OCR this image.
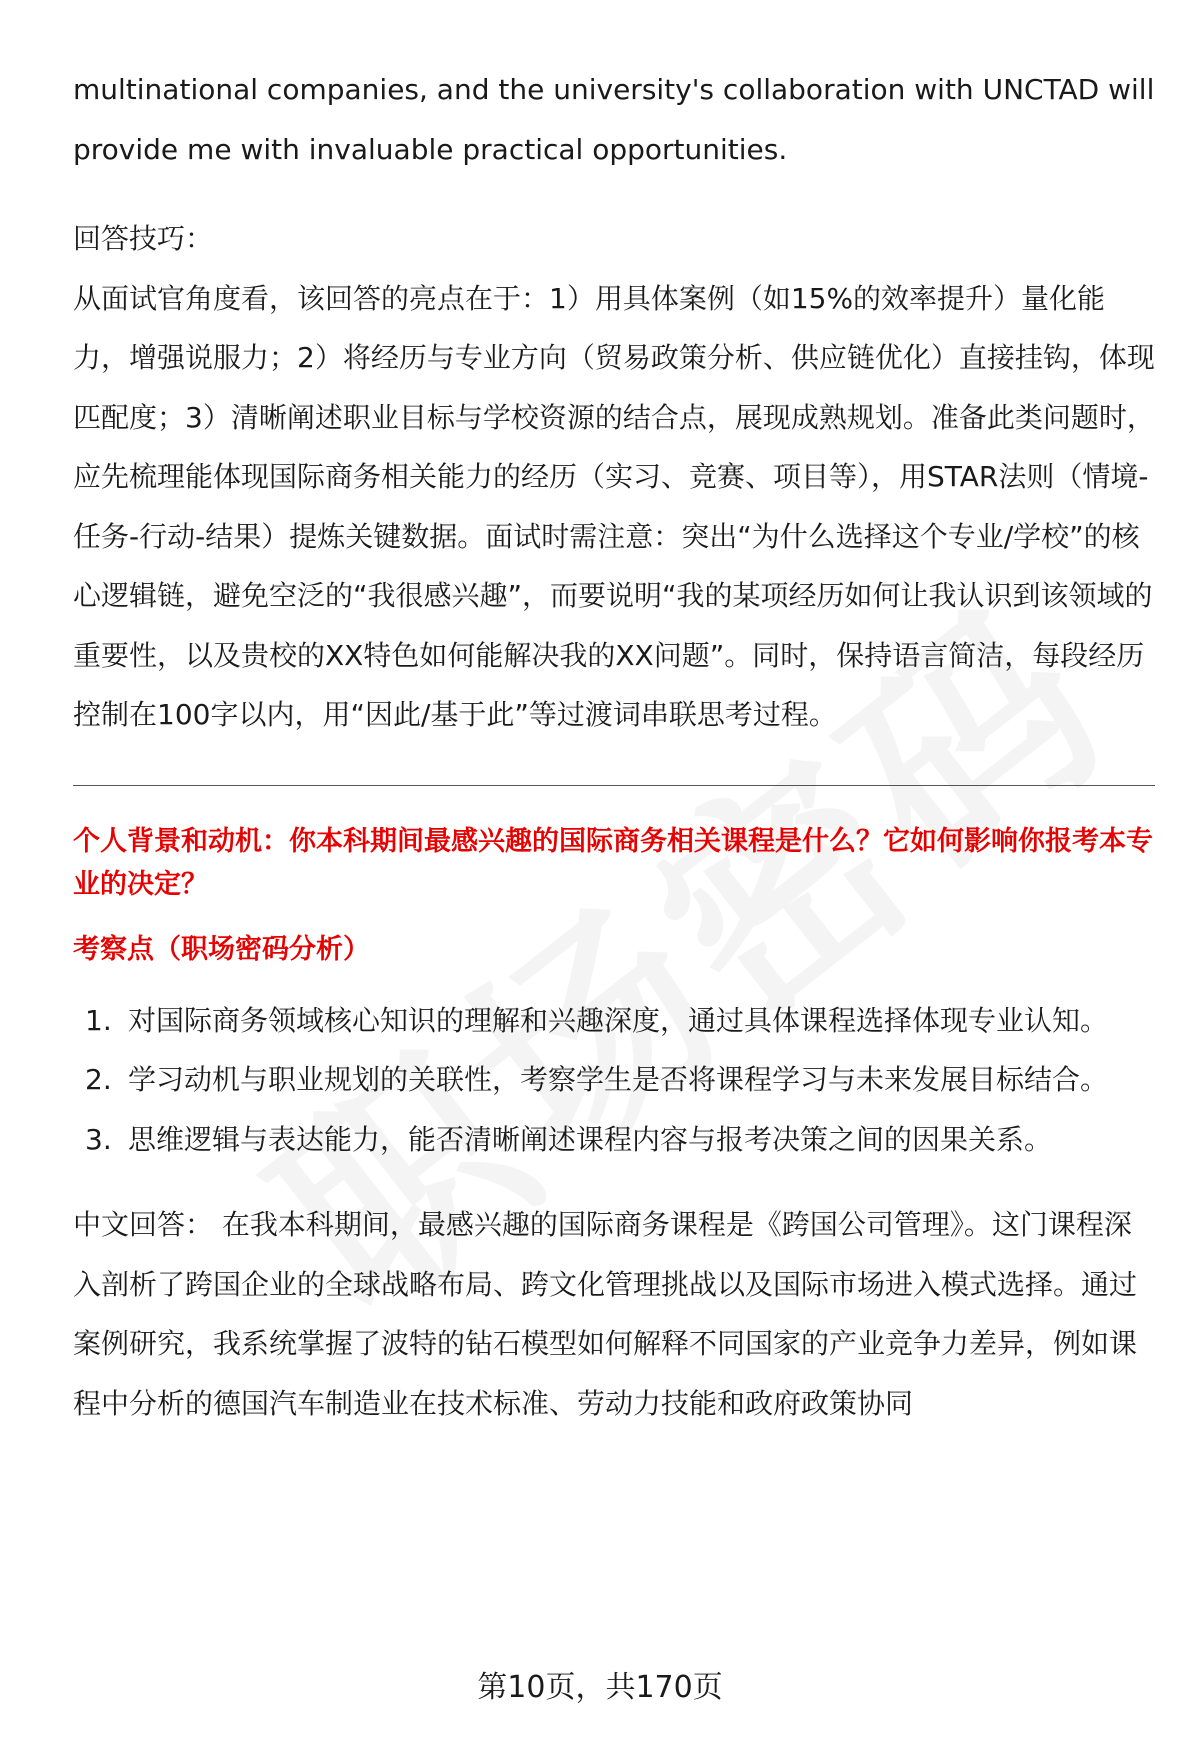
multinational companies, and the university's collaboration with UNCTAD will provide me with invaluable practical opportunities.

回答技巧：

从面试官角度看，该回答的亮点在于：1）用具体案例（如15%的效率提升）量化能力，增强说服力；2）将经历与专业方向（贸易政策分析、供应链优化）直接挂钩，体现匹配度；3）清晰阐述职业目标与学校资源的结合点，展现成熟规划。准备此类问题时，应先梳理能体现国际商务相关能力的经历（实习、竞赛、项目等），用STAR法则（情境-任务-行动-结果）提炼关键数据。面试时需注意：突出“为什么选择这个专业/学校”的核心逻辑链，避免空泛的“我很感兴趣”，而要说明“我的某项经历如何让我认识到该领域的重要性，以及贵校的XX特色如何能解决我的XX问题”。同时，保持语言简洁，每段经历控制在100字以内，用“因此/基于此”等过渡词串联思考过程。

个人背景和动机：你本科期间最感兴趣的国际商务相关课程是什么？它如何影响你报考本专业的决定？

考察点（职场密码分析）

1. 对国际商务领域核心知识的理解和兴趣深度，通过具体课程选择体现专业认知。
2. 学习动机与职业规划的关联性，考察学生是否将课程学习与未来发展目标结合。
3. 思维逻辑与表达能力，能否清晰阐述课程内容与报考决策之间的因果关系。

中文回答： 在我本科期间，最感兴趣的国际商务课程是《跨国公司管理》。这门课程深入剖析了跨国企业的全球战略布局、跨文化管理挑战以及国际市场进入模式选择。通过案例研究，我系统掌握了波特的钻石模型如何解释不同国家的产业竞争力差异，例如课程中分析的德国汽车制造业在技术标准、劳动力技能和政府政策协同

第10页，共170页
